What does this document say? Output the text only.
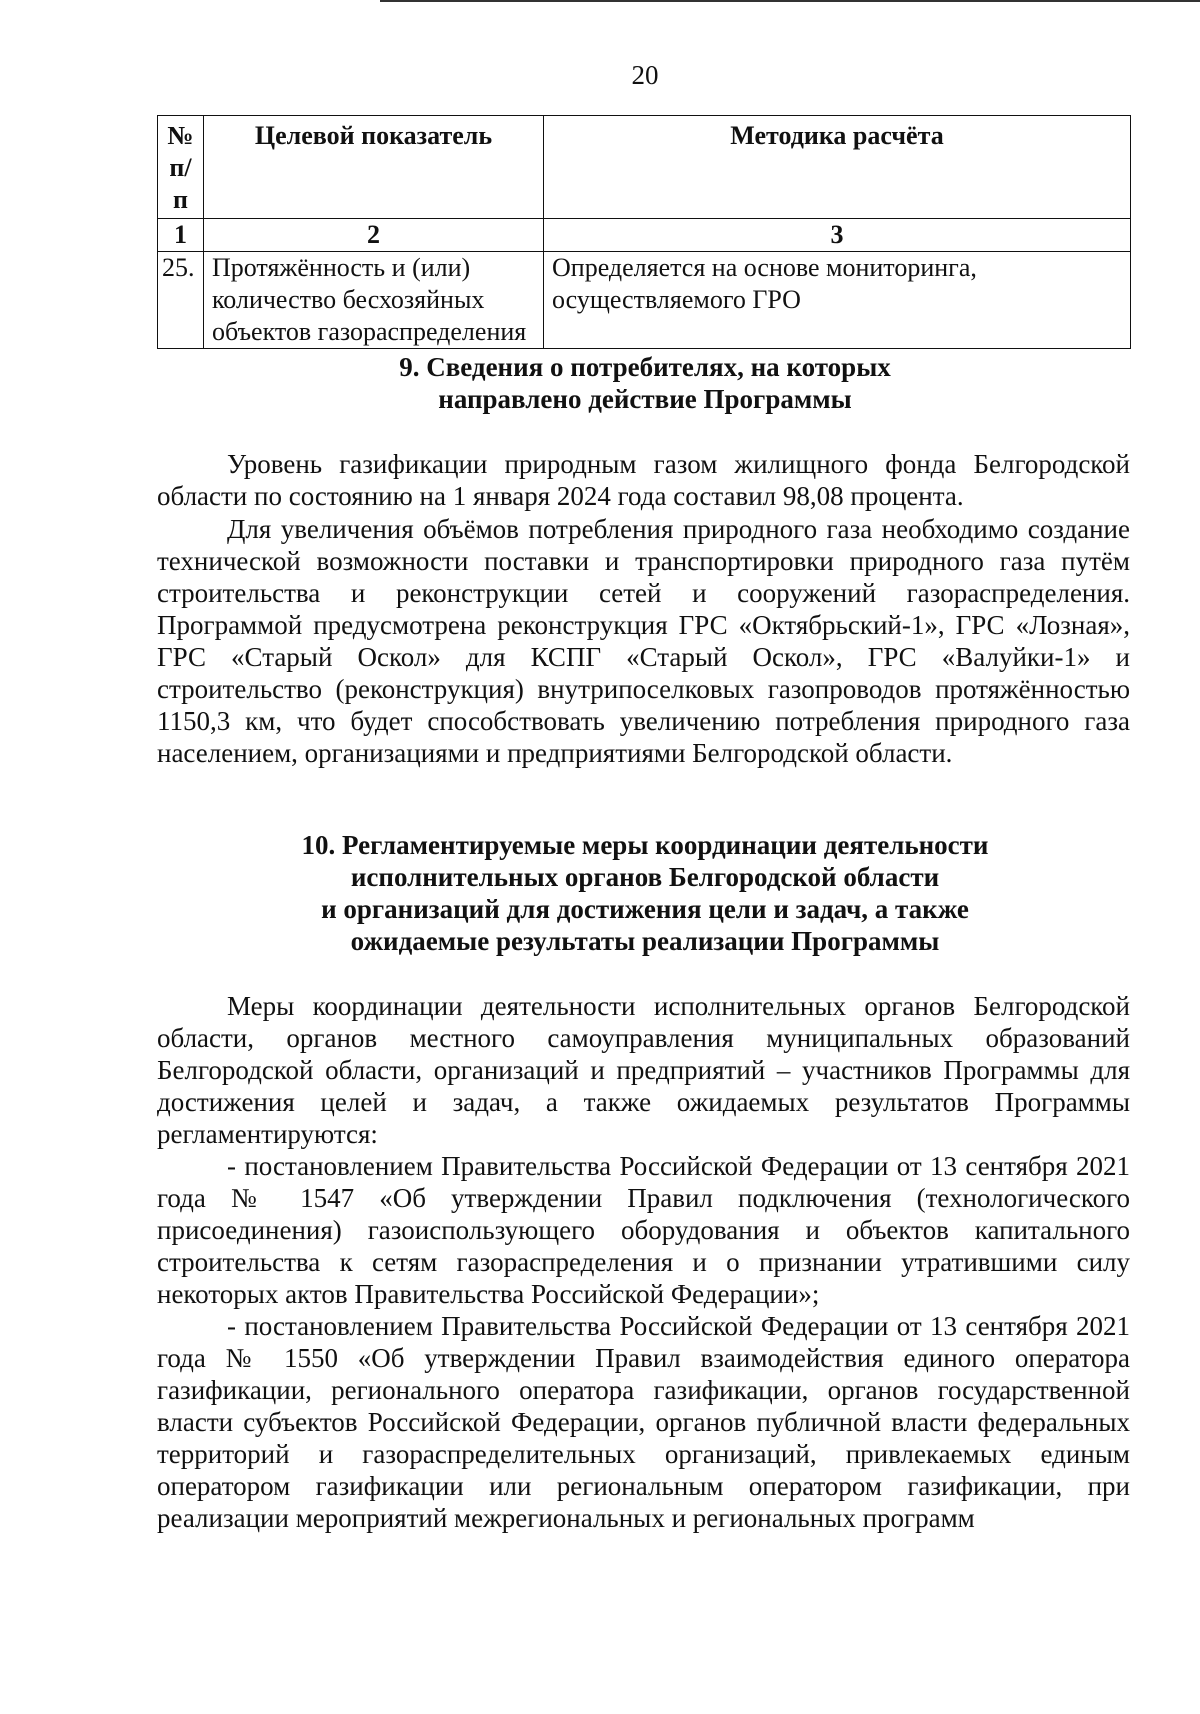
20
№ п/п	Целевой показатель	Методика расчёта
1	2	3
25.	Протяжённость и (или) количество бесхозяйных объектов газораспределения	Определяется на основе мониторинга, осуществляемого ГРО
9. Сведения о потребителях, на которых
направлено действие Программы

Уровень газификации природным газом жилищного фонда Белгородской области по состоянию на 1 января 2024 года составил 98,08 процента.

Для увеличения объёмов потребления природного газа необходимо создание технической возможности поставки и транспортировки природного газа путём строительства и реконструкции сетей и сооружений газораспределения. Программой предусмотрена реконструкция ГРС «Октябрьский-1», ГРС «Лозная», ГРС «Старый Оскол» для КСПГ «Старый Оскол», ГРС «Валуйки-1» и строительство (реконструкция) внутрипоселковых газопроводов протяжённостью 1150,3 км, что будет способствовать увеличению потребления природного газа населением, организациями и предприятиями Белгородской области.

10. Регламентируемые меры координации деятельности
исполнительных органов Белгородской области
и организаций для достижения цели и задач, а также
ожидаемые результаты реализации Программы

Меры координации деятельности исполнительных органов Белгородской области, органов местного самоуправления муниципальных образований Белгородской области, организаций и предприятий – участников Программы для достижения целей и задач, а также ожидаемых результатов Программы регламентируются:

- постановлением Правительства Российской Федерации от 13 сентября 2021 года № 1547 «Об утверждении Правил подключения (технологического присоединения) газоиспользующего оборудования и объектов капитального строительства к сетям газораспределения и о признании утратившими силу некоторых актов Правительства Российской Федерации»;

- постановлением Правительства Российской Федерации от 13 сентября 2021 года № 1550 «Об утверждении Правил взаимодействия единого оператора газификации, регионального оператора газификации, органов государственной власти субъектов Российской Федерации, органов публичной власти федеральных территорий и газораспределительных организаций, привлекаемых единым оператором газификации или региональным оператором газификации, при реализации мероприятий межрегиональных и региональных программ
